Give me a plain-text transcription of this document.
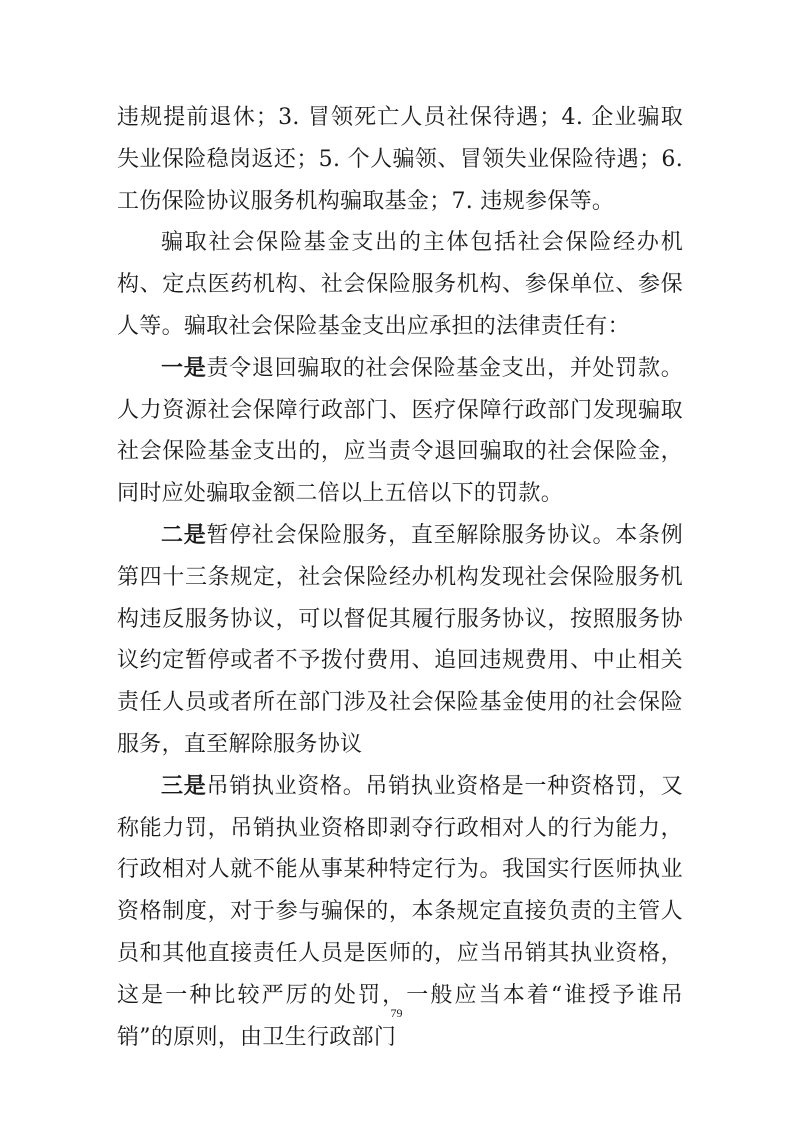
违规提前退休；3. 冒领死亡人员社保待遇；4. 企业骗取失业保险稳岗返还；5. 个人骗领、冒领失业保险待遇；6. 工伤保险协议服务机构骗取基金；7. 违规参保等。

骗取社会保险基金支出的主体包括社会保险经办机构、定点医药机构、社会保险服务机构、参保单位、参保人等。骗取社会保险基金支出应承担的法律责任有：

一是责令退回骗取的社会保险基金支出，并处罚款。人力资源社会保障行政部门、医疗保障行政部门发现骗取社会保险基金支出的，应当责令退回骗取的社会保险金，同时应处骗取金额二倍以上五倍以下的罚款。

二是暂停社会保险服务，直至解除服务协议。本条例第四十三条规定，社会保险经办机构发现社会保险服务机构违反服务协议，可以督促其履行服务协议，按照服务协议约定暂停或者不予拨付费用、追回违规费用、中止相关责任人员或者所在部门涉及社会保险基金使用的社会保险服务，直至解除服务协议

三是吊销执业资格。吊销执业资格是一种资格罚，又称能力罚，吊销执业资格即剥夺行政相对人的行为能力，行政相对人就不能从事某种特定行为。我国实行医师执业资格制度，对于参与骗保的，本条规定直接负责的主管人员和其他直接责任人员是医师的，应当吊销其执业资格，这是一种比较严厉的处罚，一般应当本着“谁授予谁吊销”的原则，由卫生行政部门

79
